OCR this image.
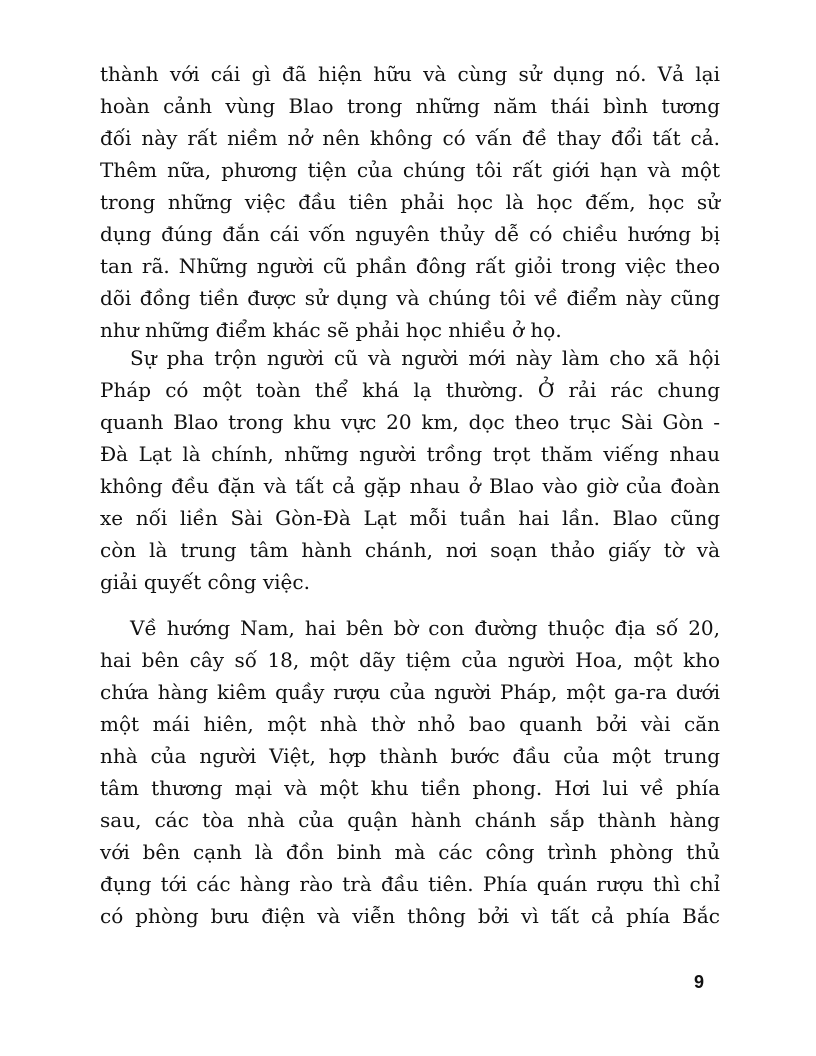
thành với cái gì đã hiện hữu và cùng sử dụng nó. Vả lại
hoàn cảnh vùng Blao trong những năm thái bình tương
đối này rất niềm nở nên không có vấn đề thay đổi tất cả.
Thêm nữa, phương tiện của chúng tôi rất giới hạn và một
trong những việc đầu tiên phải học là học đếm, học sử
dụng đúng đắn cái vốn nguyên thủy dễ có chiều hướng bị
tan rã. Những người cũ phần đông rất giỏi trong việc theo
dõi đồng tiền được sử dụng và chúng tôi về điểm này cũng
như những điểm khác sẽ phải học nhiều ở họ.
Sự pha trộn người cũ và người mới này làm cho xã hội
Pháp có một toàn thể khá lạ thường. Ở rải rác chung
quanh Blao trong khu vực 20 km, dọc theo trục Sài Gòn -
Đà Lạt là chính, những người trồng trọt thăm viếng nhau
không đều đặn và tất cả gặp nhau ở Blao vào giờ của đoàn
xe nối liền Sài Gòn-Đà Lạt mỗi tuần hai lần. Blao cũng
còn là trung tâm hành chánh, nơi soạn thảo giấy tờ và
giải quyết công việc.
Về hướng Nam, hai bên bờ con đường thuộc địa số 20,
hai bên cây số 18, một dãy tiệm của người Hoa, một kho
chứa hàng kiêm quầy rượu của người Pháp, một ga-ra dưới
một mái hiên, một nhà thờ nhỏ bao quanh bởi vài căn
nhà của người Việt, hợp thành bước đầu của một trung
tâm thương mại và một khu tiền phong. Hơi lui về phía
sau, các tòa nhà của quận hành chánh sắp thành hàng
với bên cạnh là đồn binh mà các công trình phòng thủ
đụng tới các hàng rào trà đầu tiên. Phía quán rượu thì chỉ
có phòng bưu điện và viễn thông bởi vì tất cả phía Bắc
9
